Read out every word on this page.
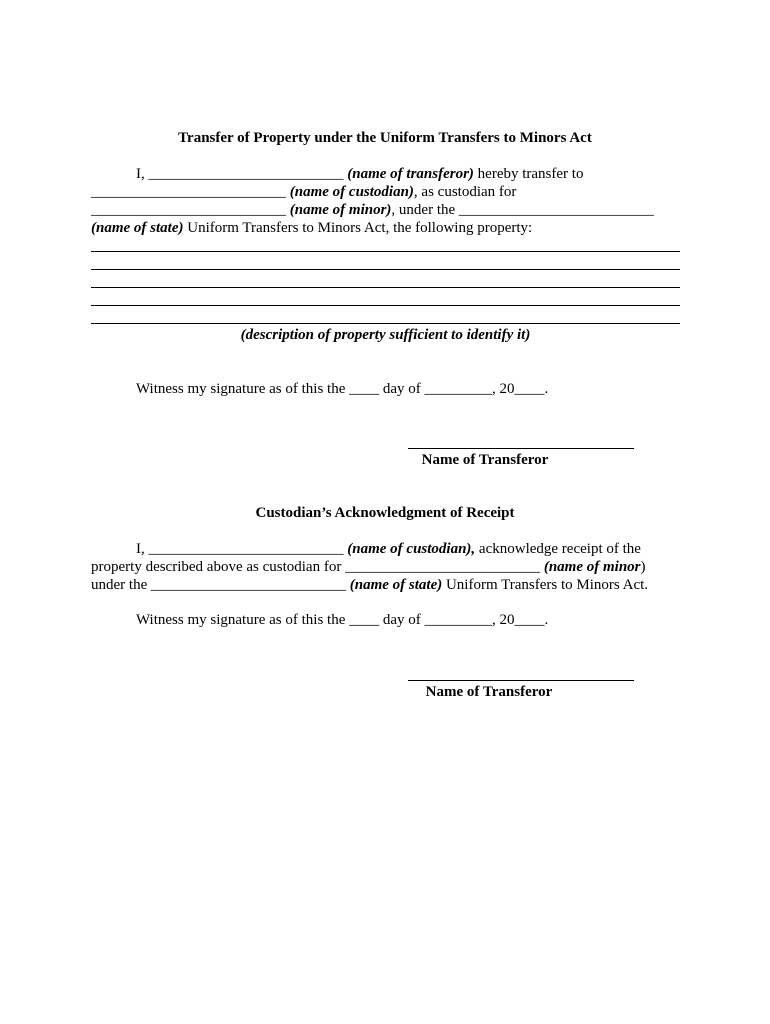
Transfer of Property under the Uniform Transfers to Minors Act
I, __________________________ (name of transferor) hereby transfer to
__________________________ (name of custodian), as custodian for
__________________________ (name of minor), under the __________________________
(name of state) Uniform Transfers to Minors Act, the following property:
(description of property sufficient to identify it)
Witness my signature as of this the ____ day of _________, 20____.
Name of Transferor
Custodian’s Acknowledgment of Receipt
I, __________________________ (name of custodian), acknowledge receipt of the
property described above as custodian for __________________________ (name of minor)
under the __________________________ (name of state) Uniform Transfers to Minors Act.
Witness my signature as of this the ____ day of _________, 20____.
Name of Transferor
